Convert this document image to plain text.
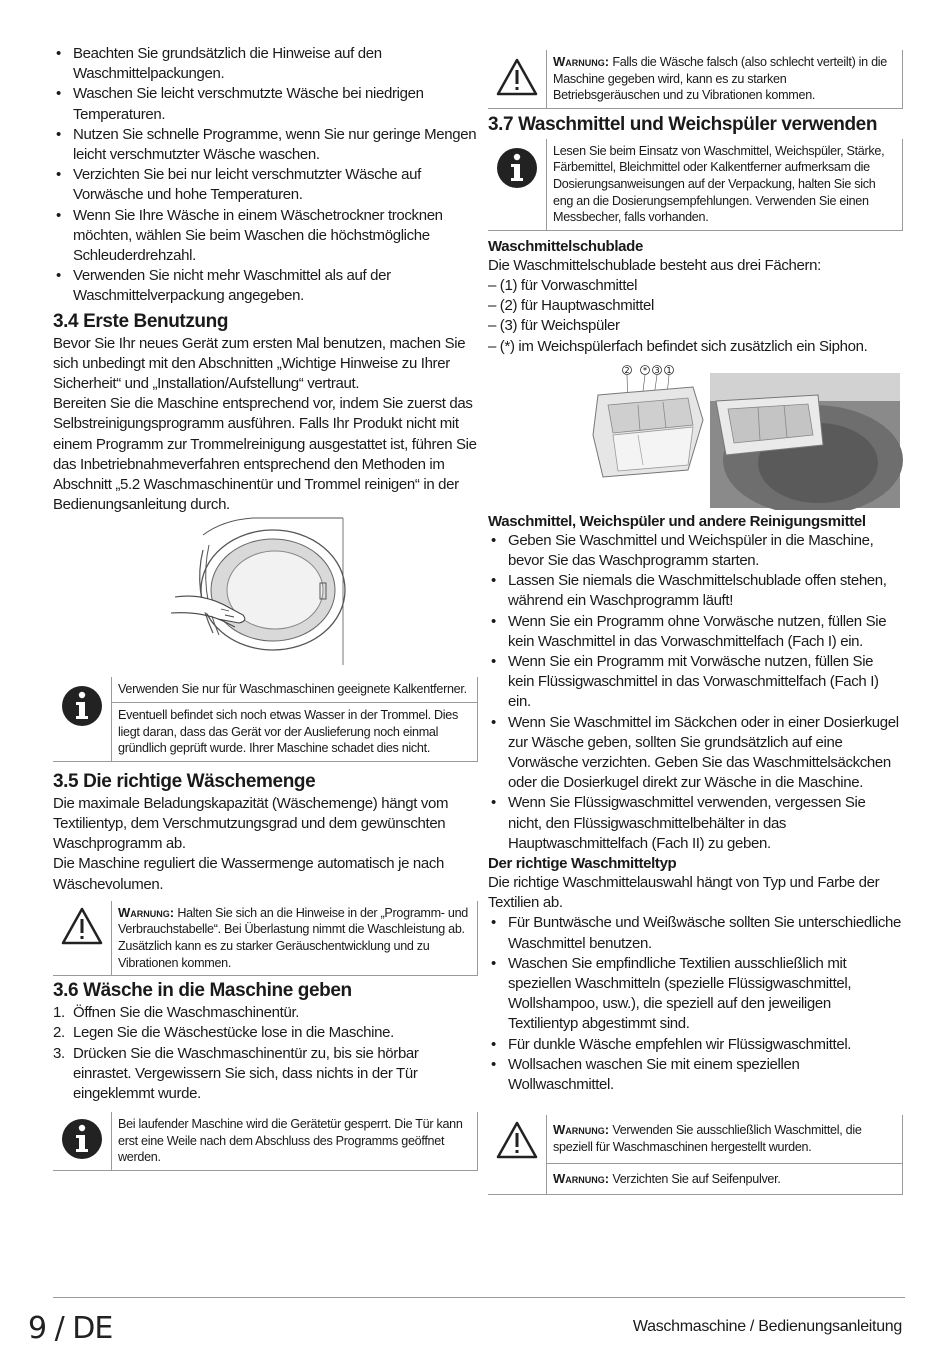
• Beachten Sie grundsätzlich die Hinweise auf den Waschmittelpackungen.
• Waschen Sie leicht verschmutzte Wäsche bei niedrigen Temperaturen.
• Nutzen Sie schnelle Programme, wenn Sie nur geringe Mengen leicht verschmutzter Wäsche waschen.
• Verzichten Sie bei nur leicht verschmutzter Wäsche auf Vorwäsche und hohe Temperaturen.
• Wenn Sie Ihre Wäsche in einem Wäschetrockner trocknen möchten, wählen Sie beim Waschen die höchstmögliche Schleuderdrehzahl.
• Verwenden Sie nicht mehr Waschmittel als auf der Waschmittelverpackung angegeben.
3.4 Erste Benutzung

Bevor Sie Ihr neues Gerät zum ersten Mal benutzen, machen Sie sich unbedingt mit den Abschnitten „Wichtige Hinweise zu Ihrer Sicherheit“ und „Installation/Aufstellung“ vertraut.

Bereiten Sie die Maschine entsprechend vor, indem Sie zuerst das Selbstreinigungsprogramm ausführen. Falls Ihr Produkt nicht mit einem Programm zur Trommelreinigung ausgestattet ist, führen Sie das Inbetriebnahmeverfahren entsprechend den Methoden im Abschnitt „5.2 Waschmaschinentür und Trommel reinigen“ in der Bedienungsanleitung durch.

Verwenden Sie nur für Waschmaschinen geeignete Kalkentferner.
Eventuell befindet sich noch etwas Wasser in der Trommel. Dies liegt daran, dass das Gerät vor der Auslieferung noch einmal gründlich geprüft wurde. Ihrer Maschine schadet dies nicht.
3.5 Die richtige Wäschemenge

Die maximale Beladungskapazität (Wäschemenge) hängt vom Textilientyp, dem Verschmutzungsgrad und dem gewünschten Waschprogramm ab.

Die Maschine reguliert die Wassermenge automatisch je nach Wäschevolumen.

Warnung: Halten Sie sich an die Hinweise in der „Programm- und Verbrauchstabelle“. Bei Überlastung nimmt die Waschleistung ab. Zusätzlich kann es zu starker Geräuschentwicklung und zu Vibrationen kommen.
3.6 Wäsche in die Maschine geben
1. Öffnen Sie die Waschmaschinentür.
2. Legen Sie die Wäschestücke lose in die Maschine.
3. Drücken Sie die Waschmaschinentür zu, bis sie hörbar einrastet. Vergewissern Sie sich, dass nichts in der Tür eingeklemmt wurde.
Bei laufender Maschine wird die Gerätetür gesperrt. Die Tür kann erst eine Weile nach dem Abschluss des Programms geöffnet werden.
Warnung: Falls die Wäsche falsch (also schlecht verteilt) in die Maschine gegeben wird, kann es zu starken Betriebsgeräuschen und zu Vibrationen kommen.
3.7 Waschmittel und Weichspüler verwenden
Lesen Sie beim Einsatz von Waschmittel, Weichspüler, Stärke, Färbemittel, Bleichmittel oder Kalkentferner aufmerksam die Dosierungsanweisungen auf der Verpackung, halten Sie sich eng an die Dosierungsempfehlungen. Verwenden Sie einen Messbecher, falls vorhanden.
Waschmittelschublade

Die Waschmittelschublade besteht aus drei Fächern:

– (1) für Vorwaschmittel

– (2) für Hauptwaschmittel

– (3) für Weichspüler

– (*) im Weichspülerfach befindet sich zusätzlich ein Siphon.

2 * 3 1
Waschmittel, Weichspüler und andere Reinigungsmittel
• Geben Sie Waschmittel und Weichspüler in die Maschine, bevor Sie das Waschprogramm starten.
• Lassen Sie niemals die Waschmittelschublade offen stehen, während ein Waschprogramm läuft!
• Wenn Sie ein Programm ohne Vorwäsche nutzen, füllen Sie kein Waschmittel in das Vorwaschmittelfach (Fach I) ein.
• Wenn Sie ein Programm mit Vorwäsche nutzen, füllen Sie kein Flüssigwaschmittel in das Vorwaschmittelfach (Fach I) ein.
• Wenn Sie Waschmittel im Säckchen oder in einer Dosierkugel zur Wäsche geben, sollten Sie grundsätzlich auf eine Vorwäsche verzichten. Geben Sie das Waschmittelsäckchen oder die Dosierkugel direkt zur Wäsche in die Maschine.
• Wenn Sie Flüssigwaschmittel verwenden, vergessen Sie nicht, den Flüssigwaschmittelbehälter in das Hauptwaschmittelfach (Fach II) zu geben.
Der richtige Waschmitteltyp

Die richtige Waschmittelauswahl hängt von Typ und Farbe der Textilien ab.

• Für Buntwäsche und Weißwäsche sollten Sie unterschiedliche Waschmittel benutzen.
• Waschen Sie empfindliche Textilien ausschließlich mit speziellen Waschmitteln (spezielle Flüssigwaschmittel, Wollshampoo, usw.), die speziell auf den jeweiligen Textilientyp abgestimmt sind.
• Für dunkle Wäsche empfehlen wir Flüssigwaschmittel.
• Wollsachen waschen Sie mit einem speziellen Wollwaschmittel.
Warnung: Verwenden Sie ausschließlich Waschmittel, die speziell für Waschmaschinen hergestellt wurden.
Warnung: Verzichten Sie auf Seifenpulver.
9 / DE	Waschmaschine / Bedienungsanleitung
